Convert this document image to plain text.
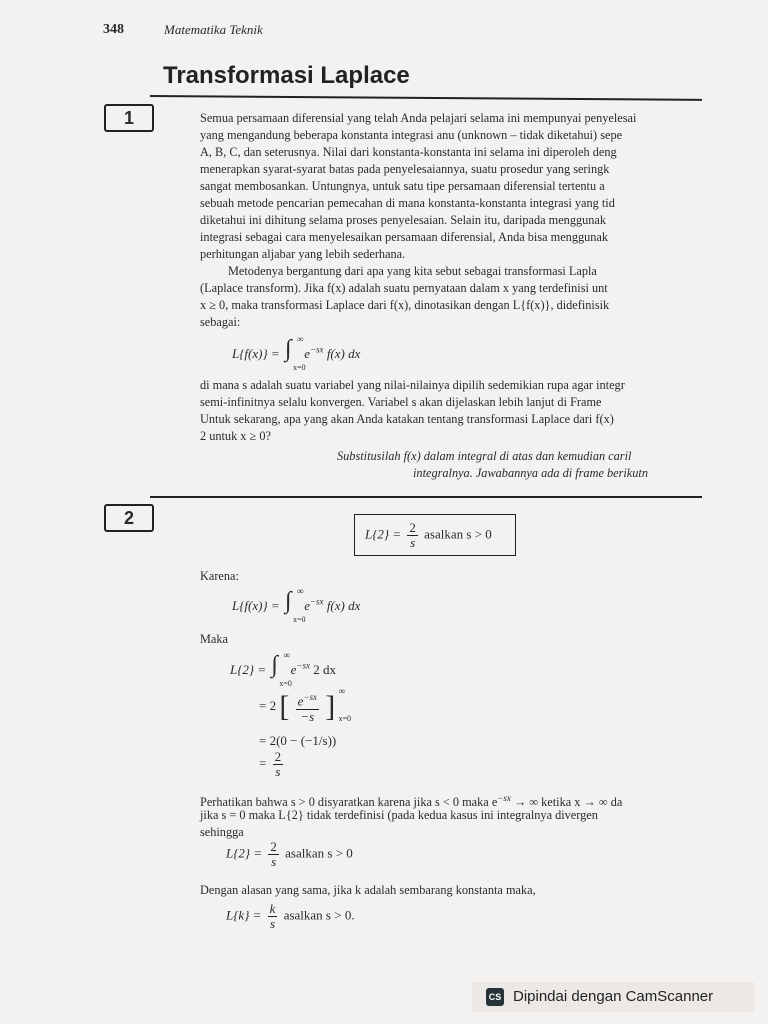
348	Matematika Teknik
Transformasi Laplace
1	Semua persamaan diferensial yang telah Anda pelajari selama ini mempunyai penyelesai
yang mengandung beberapa konstanta integrasi anu (unknown – tidak diketahui) sepe
A, B, C, dan seterusnya. Nilai dari konstanta-konstanta ini selama ini diperoleh deng
menerapkan syarat-syarat batas pada penyelesaiannya, suatu prosedur yang seringk
sangat membosankan. Untungnya, untuk satu tipe persamaan diferensial tertentu a
sebuah metode pencarian pemecahan di mana konstanta-konstanta integrasi yang tid
diketahui ini dihitung selama proses penyelesaian. Selain itu, daripada menggunak
integrasi sebagai cara menyelesaikan persamaan diferensial, Anda bisa menggunak
perhitungan aljabar yang lebih sederhana.
Metodenya bergantung dari apa yang kita sebut sebagai transformasi Lapla
(Laplace transform). Jika f(x) adalah suatu pernyataan dalam x yang terdefinisi unt
x ≥ 0, maka transformasi Laplace dari f(x), dinotasikan dengan L{f(x)}, didefinisik
sebagai:
L{f(x)} = ∫ ∞
x=0
$e^{-sx}$ f(x) dx
di mana s adalah suatu variabel yang nilai-nilainya dipilih sedemikian rupa agar integr
semi-infinitnya selalu konvergen. Variabel s akan dijelaskan lebih lanjut di Frame
Untuk sekarang, apa yang akan Anda katakan tentang transformasi Laplace dari f(x)
2 untuk x ≥ 0?
Substitusilah f(x) dalam integral di atas dan kemudian caril
integralnya. Jawabannya ada di frame berikutn
2
$L\{2\} = \frac{2}{s}$ asalkan s > 0
Karena:
L{f(x)} = ∫ ∞
x=0
$e^{-sx}$ f(x) dx
Maka
L{2} = ∫ ∞
x=0
$e^{-sx}$ 2 dx
= 2 [ $\frac{e^{-sx}}{-s}$ ] ∞
x=0
= 2(0 − (−1/s))
= $\frac{2}{s}$
Perhatikan bahwa s > 0 disyaratkan karena jika s < 0 maka $e^{-sx}$ → ∞ ketika x → ∞ da
jika s = 0 maka L{2} tidak terdefinisi (pada kedua kasus ini integralnya divergen
sehingga
$L\{2\} = \frac{2}{s}$ asalkan s > 0
Dengan alasan yang sama, jika k adalah sembarang konstanta maka,
$L\{k\} = \frac{k}{s}$ asalkan s > 0.
CS Dipindai dengan CamScanner
